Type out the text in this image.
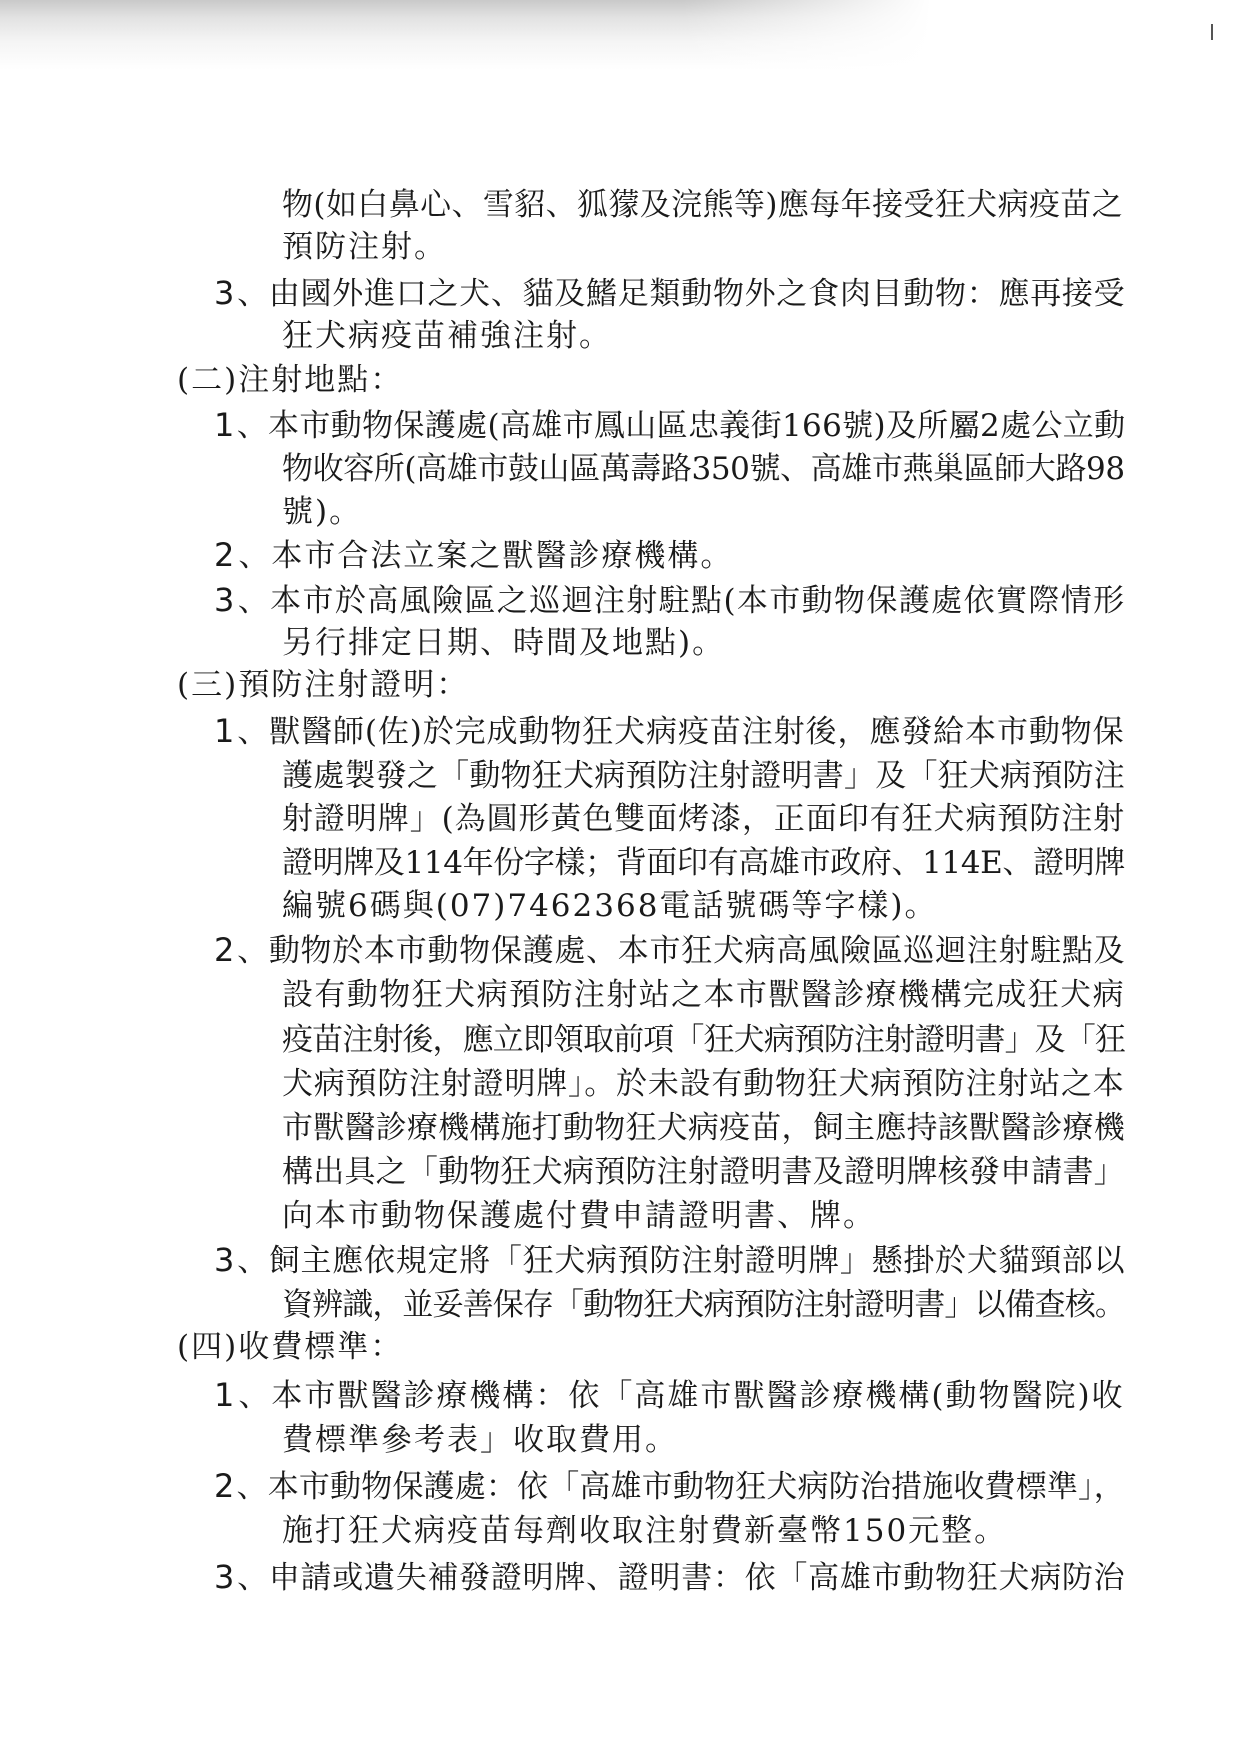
物(如白鼻心、雪貂、狐獴及浣熊等)應每年接受狂犬病疫苗之
預防注射。
3、由國外進口之犬、貓及鰭足類動物外之食肉目動物：應再接受
狂犬病疫苗補強注射。
(二)注射地點：
1、本市動物保護處(高雄市鳳山區忠義街166號)及所屬2處公立動
物收容所(高雄市鼓山區萬壽路350號、高雄市燕巢區師大路98
號)。
2、本市合法立案之獸醫診療機構。
3、本市於高風險區之巡迴注射駐點(本市動物保護處依實際情形
另行排定日期、時間及地點)。
(三)預防注射證明：
1、獸醫師(佐)於完成動物狂犬病疫苗注射後，應發給本市動物保
護處製發之「動物狂犬病預防注射證明書」及「狂犬病預防注
射證明牌」(為圓形黃色雙面烤漆，正面印有狂犬病預防注射
證明牌及114年份字樣；背面印有高雄市政府、114E、證明牌
編號6碼與(07)7462368電話號碼等字樣)。
2、動物於本市動物保護處、本市狂犬病高風險區巡迴注射駐點及
設有動物狂犬病預防注射站之本市獸醫診療機構完成狂犬病
疫苗注射後，應立即領取前項「狂犬病預防注射證明書」及「狂
犬病預防注射證明牌」。於未設有動物狂犬病預防注射站之本
市獸醫診療機構施打動物狂犬病疫苗，飼主應持該獸醫診療機
構出具之「動物狂犬病預防注射證明書及證明牌核發申請書」
向本市動物保護處付費申請證明書、牌。
3、飼主應依規定將「狂犬病預防注射證明牌」懸掛於犬貓頸部以
資辨識，並妥善保存「動物狂犬病預防注射證明書」以備查核。
(四)收費標準：
1、本市獸醫診療機構：依「高雄市獸醫診療機構(動物醫院)收
費標準參考表」收取費用。
2、本市動物保護處：依「高雄市動物狂犬病防治措施收費標準」，
施打狂犬病疫苗每劑收取注射費新臺幣150元整。
3、申請或遺失補發證明牌、證明書：依「高雄市動物狂犬病防治
